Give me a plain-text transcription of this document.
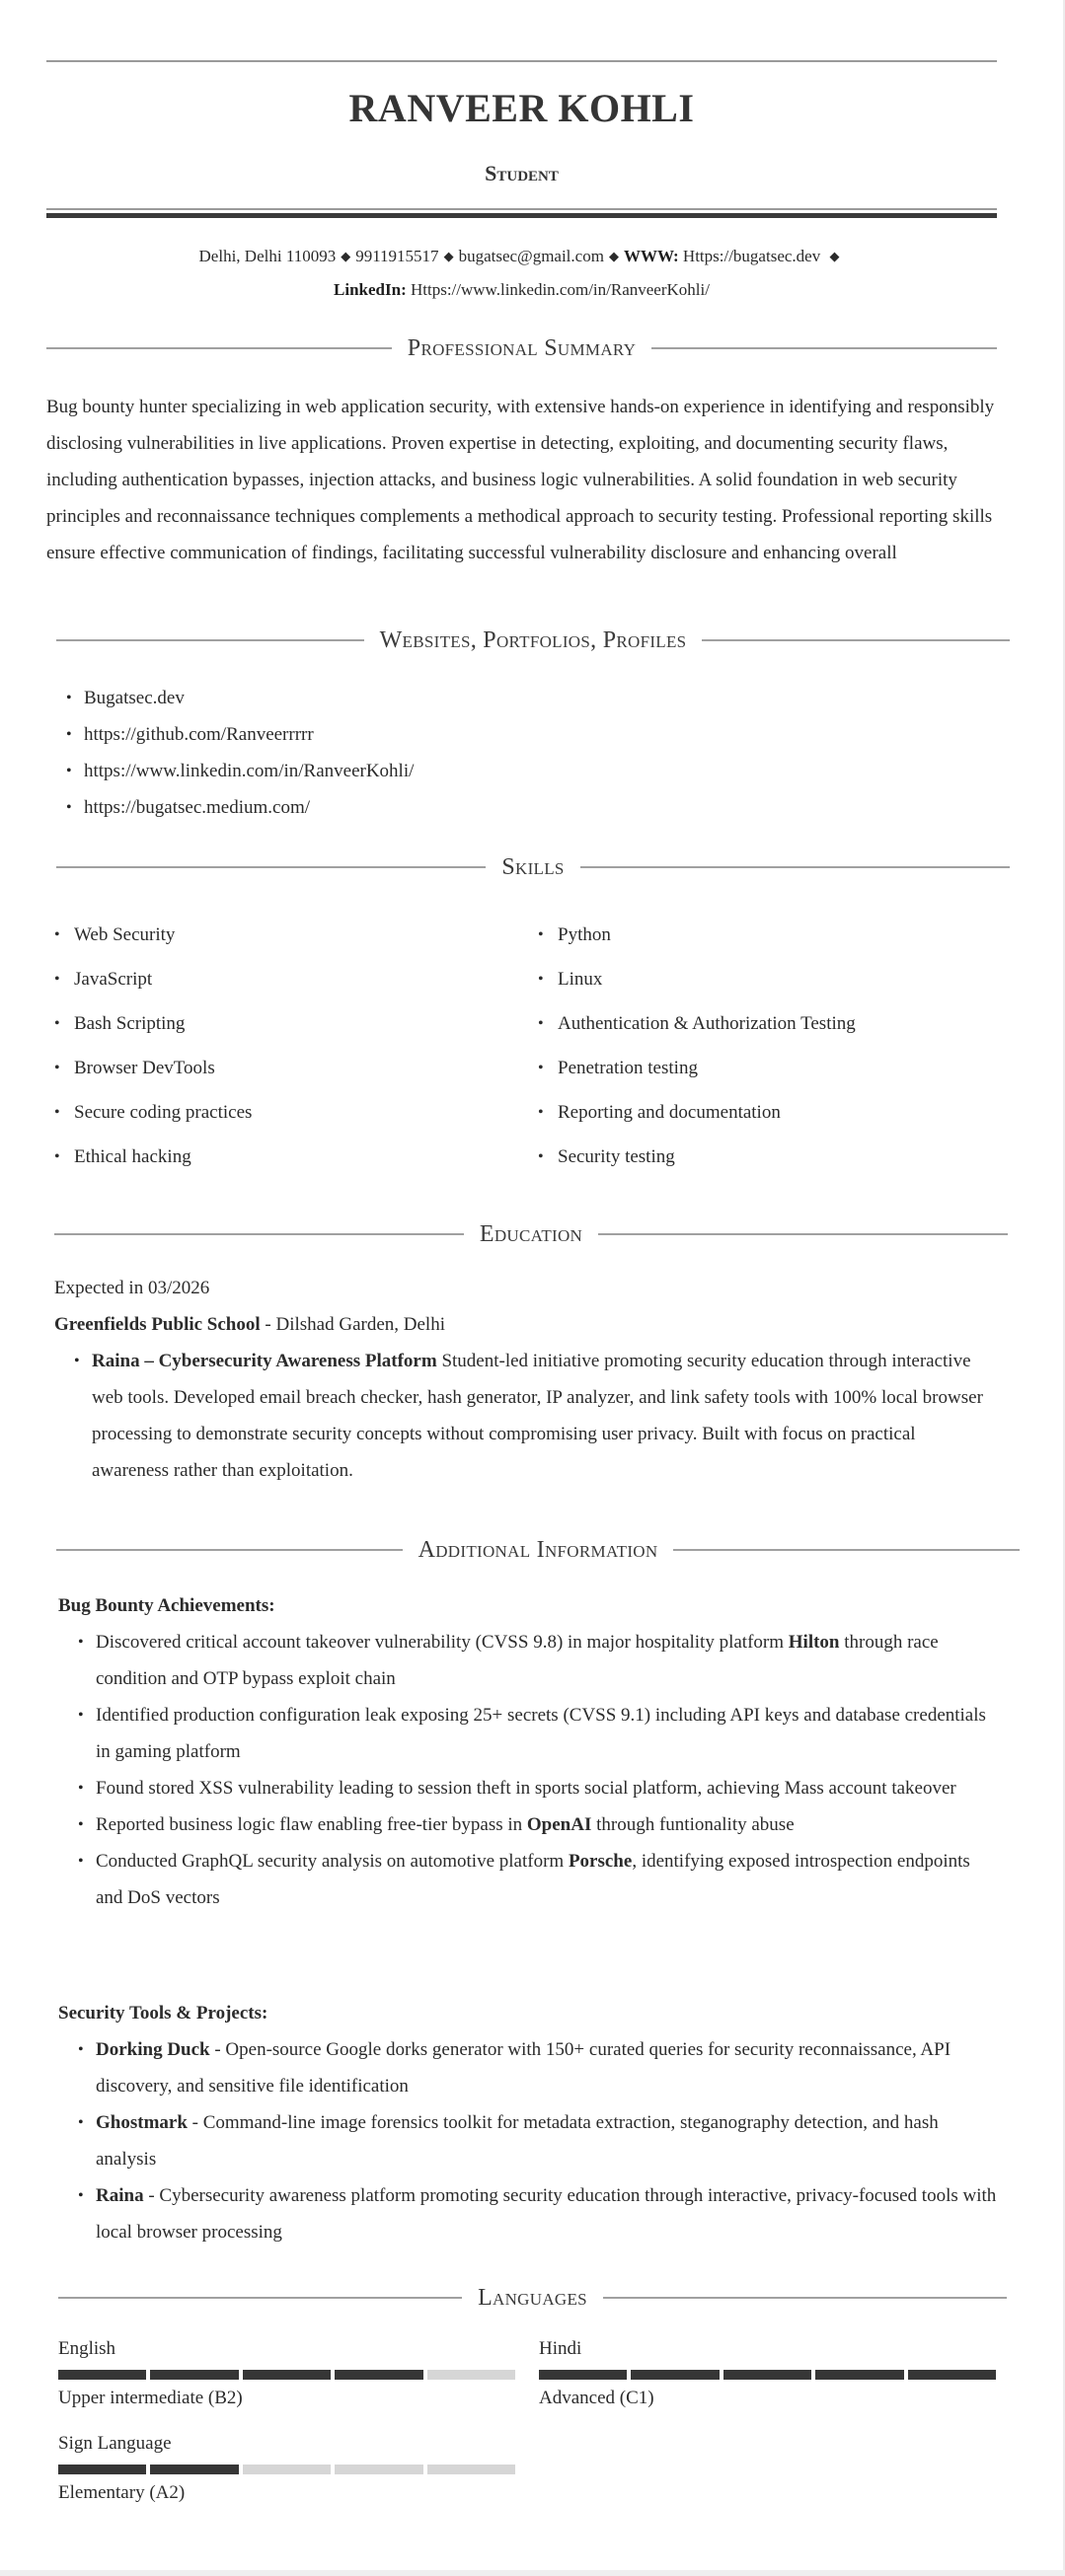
RANVEER KOHLI
Student
Delhi, Delhi 110093 ◆ 9911915517 ◆ bugatsec@gmail.com ◆ WWW: Https://bugatsec.dev ◆
LinkedIn: Https://www.linkedin.com/in/RanveerKohli/
Professional Summary
Bug bounty hunter specializing in web application security, with extensive hands-on experience in identifying and responsibly disclosing vulnerabilities in live applications. Proven expertise in detecting, exploiting, and documenting security flaws, including authentication bypasses, injection attacks, and business logic vulnerabilities. A solid foundation in web security principles and reconnaissance techniques complements a methodical approach to security testing. Professional reporting skills ensure effective communication of findings, facilitating successful vulnerability disclosure and enhancing overall
Websites, Portfolios, Profiles
• Bugatsec.dev
• https://github.com/Ranveerrrrr
• https://www.linkedin.com/in/RanveerKohli/
• https://bugatsec.medium.com/
Skills
• Web Security	• Python
• JavaScript	• Linux
• Bash Scripting	• Authentication & Authorization Testing
• Browser DevTools	• Penetration testing
• Secure coding practices	• Reporting and documentation
• Ethical hacking	• Security testing
Education
Expected in 03/2026
Greenfields Public School - Dilshad Garden, Delhi
• Raina – Cybersecurity Awareness Platform Student-led initiative promoting security education through interactive web tools. Developed email breach checker, hash generator, IP analyzer, and link safety tools with 100% local browser processing to demonstrate security concepts without compromising user privacy. Built with focus on practical awareness rather than exploitation.
Additional Information
Bug Bounty Achievements:
• Discovered critical account takeover vulnerability (CVSS 9.8) in major hospitality platform Hilton through race condition and OTP bypass exploit chain
• Identified production configuration leak exposing 25+ secrets (CVSS 9.1) including API keys and database credentials in gaming platform
• Found stored XSS vulnerability leading to session theft in sports social platform, achieving Mass account takeover
• Reported business logic flaw enabling free-tier bypass in OpenAI through funtionality abuse
• Conducted GraphQL security analysis on automotive platform Porsche, identifying exposed introspection endpoints and DoS vectors
Security Tools & Projects:
• Dorking Duck - Open-source Google dorks generator with 150+ curated queries for security reconnaissance, API discovery, and sensitive file identification
• Ghostmark - Command-line image forensics toolkit for metadata extraction, steganography detection, and hash analysis
• Raina - Cybersecurity awareness platform promoting security education through interactive, privacy-focused tools with local browser processing
Languages
English
Upper intermediate (B2)
Hindi
Advanced (C1)
Sign Language
Elementary (A2)
